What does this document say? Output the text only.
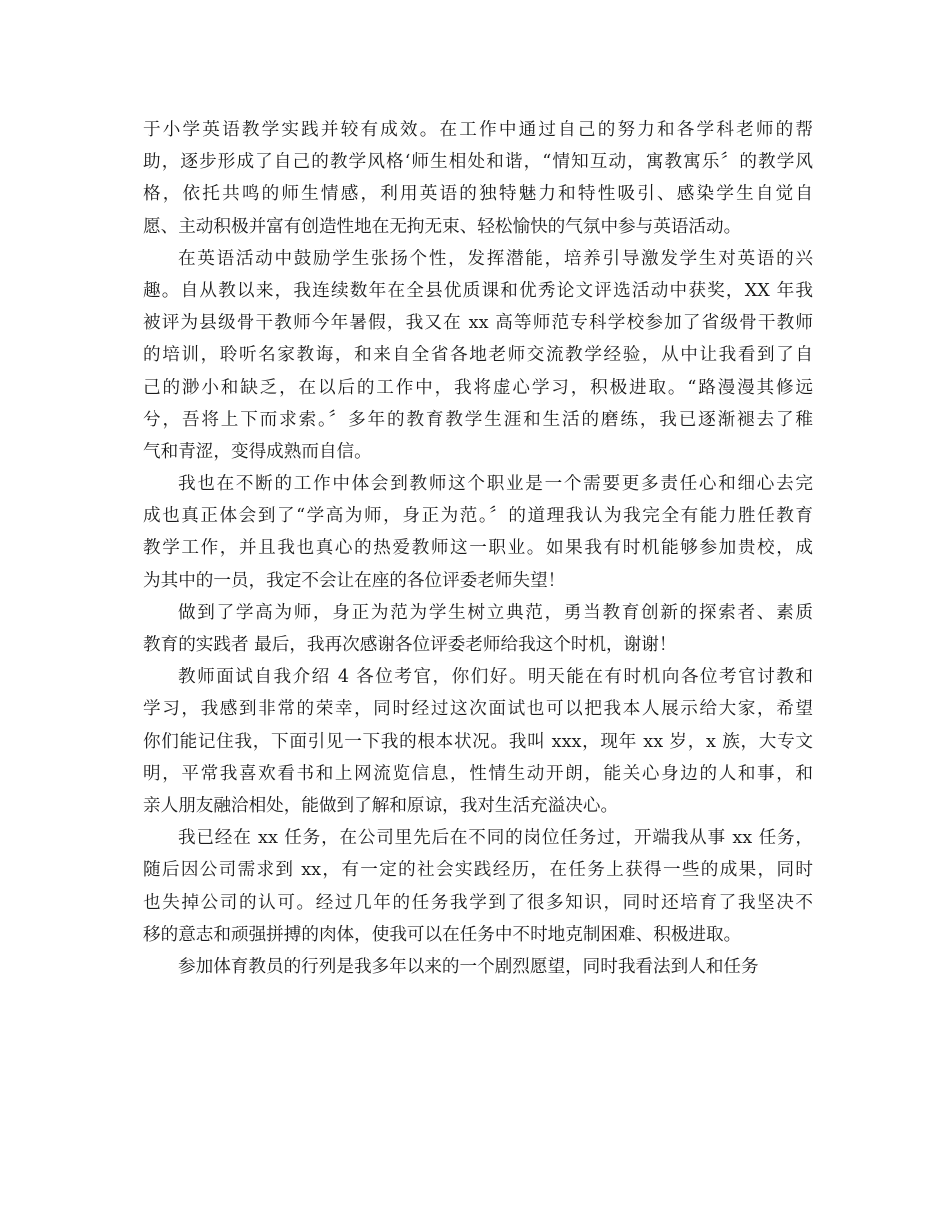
于小学英语教学实践并较有成效。在工作中通过自己的努力和各学科老师的帮
助，逐步形成了自己的教学风格‘师生相处和谐，“情知互动，寓教寓乐〞的教学风
格，依托共鸣的师生情感，利用英语的独特魅力和特性吸引、感染学生自觉自
愿、主动积极并富有创造性地在无拘无束、轻松愉快的气氛中参与英语活动。
在英语活动中鼓励学生张扬个性，发挥潜能，培养引导激发学生对英语的兴
趣。自从教以来，我连续数年在全县优质课和优秀论文评选活动中获奖，XX 年我
被评为县级骨干教师今年暑假，我又在 xx 高等师范专科学校参加了省级骨干教师
的培训，聆听名家教诲，和来自全省各地老师交流教学经验，从中让我看到了自
己的渺小和缺乏，在以后的工作中，我将虚心学习，积极进取。“路漫漫其修远
兮，吾将上下而求索。〞多年的教育教学生涯和生活的磨练，我已逐渐褪去了稚
气和青涩，变得成熟而自信。
我也在不断的工作中体会到教师这个职业是一个需要更多责任心和细心去完
成也真正体会到了“学高为师，身正为范。〞的道理我认为我完全有能力胜任教育
教学工作，并且我也真心的热爱教师这一职业。如果我有时机能够参加贵校，成
为其中的一员，我定不会让在座的各位评委老师失望！
做到了学高为师，身正为范为学生树立典范，勇当教育创新的探索者、素质
教育的实践者 最后，我再次感谢各位评委老师给我这个时机，谢谢！
教师面试自我介绍 4 各位考官，你们好。明天能在有时机向各位考官讨教和
学习，我感到非常的荣幸，同时经过这次面试也可以把我本人展示给大家，希望
你们能记住我，下面引见一下我的根本状况。我叫 xxx，现年 xx 岁，x 族，大专文
明，平常我喜欢看书和上网流览信息，性情生动开朗，能关心身边的人和事，和
亲人朋友融洽相处，能做到了解和原谅，我对生活充溢决心。
我已经在 xx 任务，在公司里先后在不同的岗位任务过，开端我从事 xx 任务，
随后因公司需求到 xx，有一定的社会实践经历，在任务上获得一些的成果，同时
也失掉公司的认可。经过几年的任务我学到了很多知识，同时还培育了我坚决不
移的意志和顽强拼搏的肉体，使我可以在任务中不时地克制困难、积极进取。
参加体育教员的行列是我多年以来的一个剧烈愿望，同时我看法到人和任务
